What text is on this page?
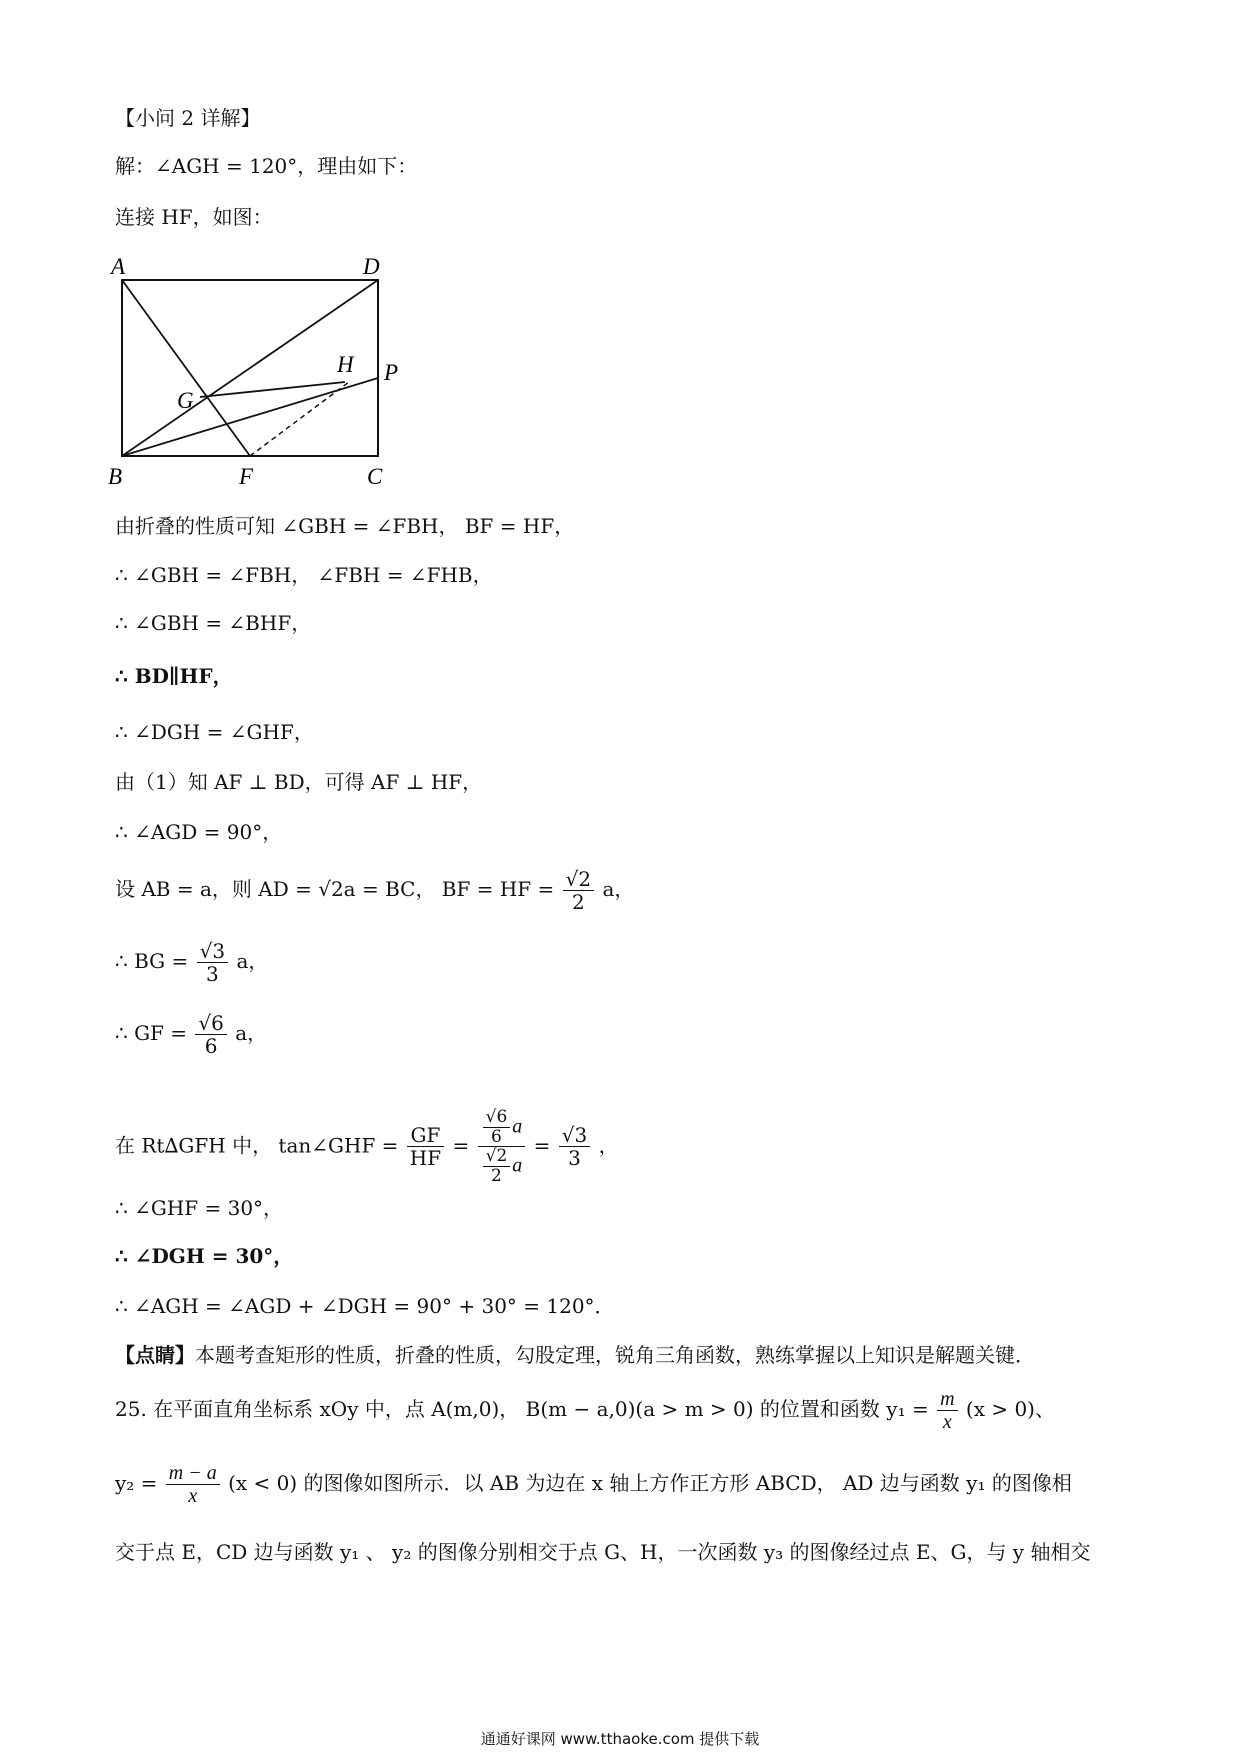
【小问 2 详解】
解：∠AGH = 120°，理由如下：
连接 HF，如图：
A	D
H P
G
B	F	C
由折叠的性质可知 ∠GBH = ∠FBH， BF = HF，
∴ ∠GBH = ∠FBH， ∠FBH = ∠FHB，
∴ ∠GBH = ∠BHF，
∴ BD∥HF，
∴ ∠DGH = ∠GHF，
由（1）知 AF ⊥ BD，可得 AF ⊥ HF，
∴ ∠AGD = 90°，
设 AB = a，则 AD = √2a = BC， BF = HF = $\frac{√2}{2}$ a，
∴ BG = $\frac{√3}{3}$ a，
∴ GF = $\frac{√6}{6}$ a，
在 Rt∆GFH 中， tan∠GHF = $\frac{GF}{HF} = \frac{\frac{√6}{6} a}{\frac{√2}{2} a} = \frac{√3}{3}$ ，
∴ ∠GHF = 30°，
∴ ∠DGH = 30°，
∴ ∠AGH = ∠AGD + ∠DGH = 90° + 30° = 120°．
【点睛】本题考查矩形的性质，折叠的性质，勾股定理，锐角三角函数，熟练掌握以上知识是解题关键．
25. 在平面直角坐标系 xOy 中，点 A(m,0)， B(m − a,0)(a > m > 0) 的位置和函数 $y_1 = \frac{m}{x} (x > 0)$、
$y_2 = \frac{m - a}{x} (x < 0)$ 的图像如图所示．以 AB 为边在 x 轴上方作正方形 ABCD， AD 边与函数 y₁ 的图像相
交于点 E，CD 边与函数 y₁ 、 y₂ 的图像分别相交于点 G、H，一次函数 y₃ 的图像经过点 E、G，与 y 轴相交
通通好课网 www.tthaoke.com 提供下载
